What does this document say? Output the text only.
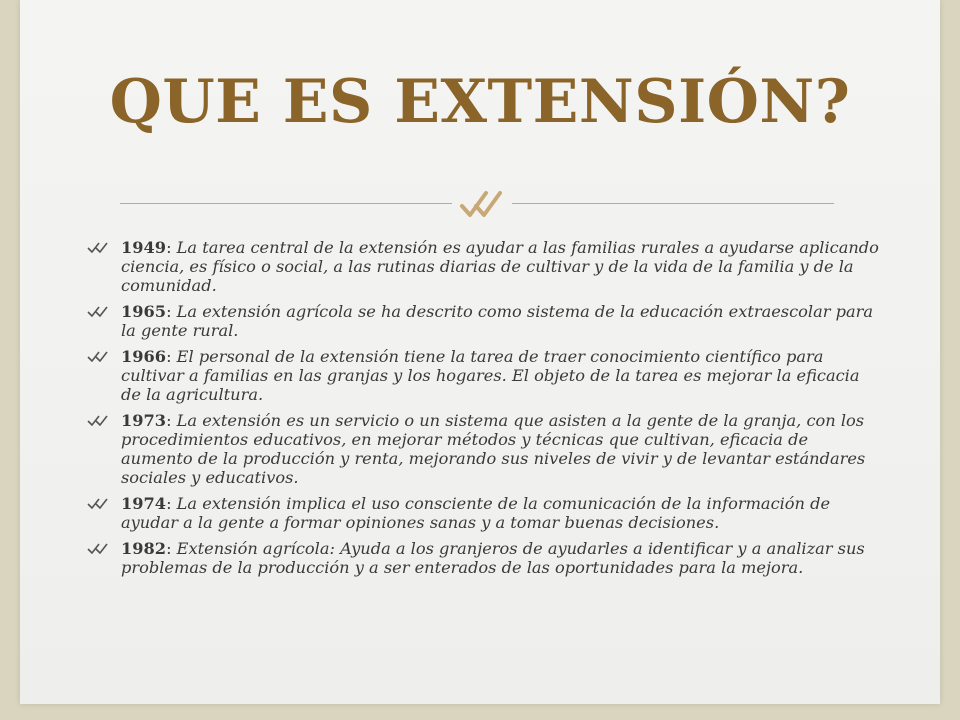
QUE ES EXTENSIÓN?
1949: La tarea central de la extensión es ayudar a las familias rurales a ayudarse aplicando ciencia, es físico o social, a las rutinas diarias de cultivar y de la vida de la familia y de la comunidad.
1965: La extensión agrícola se ha descrito como sistema de la educación extraescolar para la gente rural.
1966: El personal de la extensión tiene la tarea de traer conocimiento científico para cultivar a familias en las granjas y los hogares. El objeto de la tarea es mejorar la eficacia de la agricultura.
1973: La extensión es un servicio o un sistema que asisten a la gente de la granja, con los procedimientos educativos, en mejorar métodos y técnicas que cultivan, eficacia de aumento de la producción y renta, mejorando sus niveles de vivir y de levantar estándares sociales y educativos.
1974: La extensión implica el uso consciente de la comunicación de la información de ayudar a la gente a formar opiniones sanas y a tomar buenas decisiones.
1982: Extensión agrícola: Ayuda a los granjeros de ayudarles a identificar y a analizar sus problemas de la producción y a ser enterados de las oportunidades para la mejora.
